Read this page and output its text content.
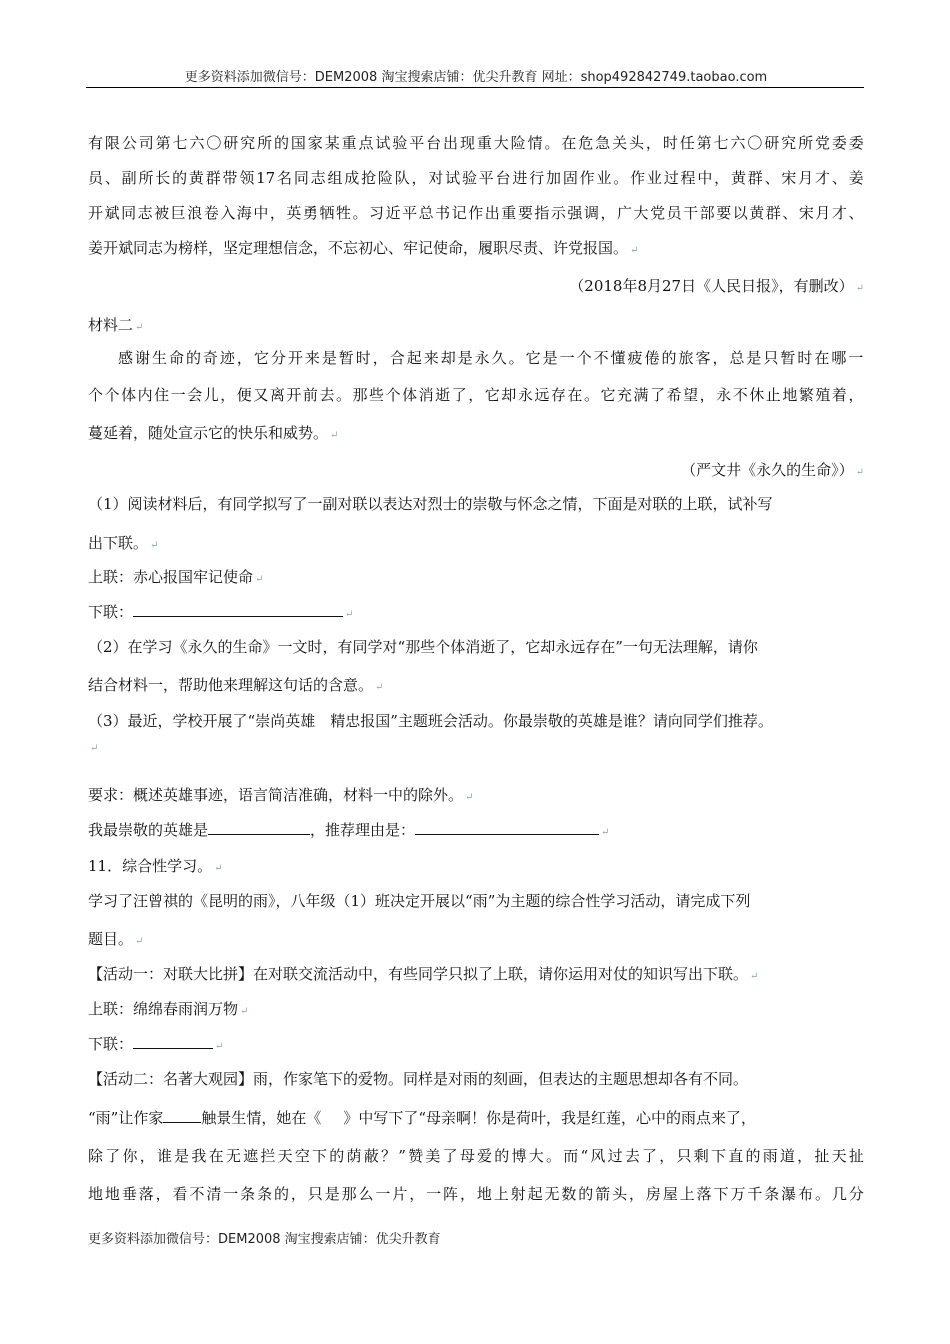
更多资料添加微信号：DEM2008 淘宝搜索店铺：优尖升教育 网址：shop492842749.taobao.com
有 限 公 司 第 七 六 〇 研 究 所 的 国 家 某 重 点 试 验 平 台 出 现 重 大 险 情 。 在 危 急 关 头 ， 时 任 第 七 六 〇 研 究 所 党 委 委
员 、 副 所 长 的 黄 群 带 领 17 名 同 志 组 成 抢 险 队 ， 对 试 验 平 台 进 行 加 固 作 业 。 作 业 过 程 中 ， 黄 群 、 宋 月 才 、 姜
开 斌 同 志 被 巨 浪 卷 入 海 中 ， 英 勇 牺 牲 。 习 近 平 总 书 记 作 出 重 要 指 示 强 调 ， 广 大 党 员 干 部 要 以 黄 群 、 宋 月 才 、
姜开斌同志为榜样，坚定理想信念，不忘初心、牢记使命，履职尽责、许党报国。 ↵
（2018年8月27日《人民日报》，有删改） ↵
材料二 ↵
感 谢 生 命 的 奇 迹 ， 它 分 开 来 是 暂 时 ， 合 起 来 却 是 永 久 。 它 是 一 个 不 懂 疲 倦 的 旅 客 ， 总 是 只 暂 时 在 哪 一
个 个 体 内 住 一 会 儿 ， 便 又 离 开 前 去 。 那 些 个 体 消 逝 了 ， 它 却 永 远 存 在 。 它 充 满 了 希 望 ， 永 不 休 止 地 繁 殖 着 ，
蔓延着，随处宣示它的快乐和威势。 ↵
（严文井《永久的生命》） ↵
（1）阅读材料后，有同学拟写了一副对联以表达对烈士的崇敬与怀念之情，下面是对联的上联，试补写
出下联。 ↵
上联：赤心报国牢记使命 ↵
下联：	↵
（2）在学习《永久的生命》一文时，有同学对“那些个体消逝了，它却永远存在”一句无法理解，请你
结合材料一，帮助他来理解这句话的含意。 ↵
（3）最近，学校开展了“崇尚英雄　精忠报国”主题班会活动。你最崇敬的英雄是谁？请向同学们推荐。
↵
要求：概述英雄事迹，语言简洁准确，材料一中的除外。 ↵
我最崇敬的英雄是	，推荐理由是：	↵
11．综合性学习。 ↵
学习了汪曾祺的《昆明的雨》，八年级（1）班决定开展以“雨”为主题的综合性学习活动，请完成下列
题目。 ↵
【活动一：对联大比拼】在对联交流活动中，有些同学只拟了上联，请你运用对仗的知识写出下联。 ↵
上联：绵绵春雨润万物 ↵
下联：	↵
【活动二：名著大观园】雨，作家笔下的爱物。同样是对雨的刻画，但表达的主题思想却各有不同。
“雨”让作家	触景生情，她在《 》中写下了“母亲啊！你是荷叶，我是红莲，心中的雨点来了，
除 了 你 ， 谁 是 我 在 无 遮 拦 天 空 下 的 荫 蔽 ？ ” 赞 美 了 母 爱 的 博 大 。 而 “ 风 过 去 了 ， 只 剩 下 直 的 雨 道 ， 扯 天 扯
地 地 垂 落 ， 看 不 清 一 条 条 的 ， 只 是 那 么 一 片 ， 一 阵 ， 地 上 射 起 无 数 的 箭 头 ， 房 屋 上 落 下 万 千 条 瀑 布 。 几 分
更多资料添加微信号：DEM2008 淘宝搜索店铺：优尖升教育
